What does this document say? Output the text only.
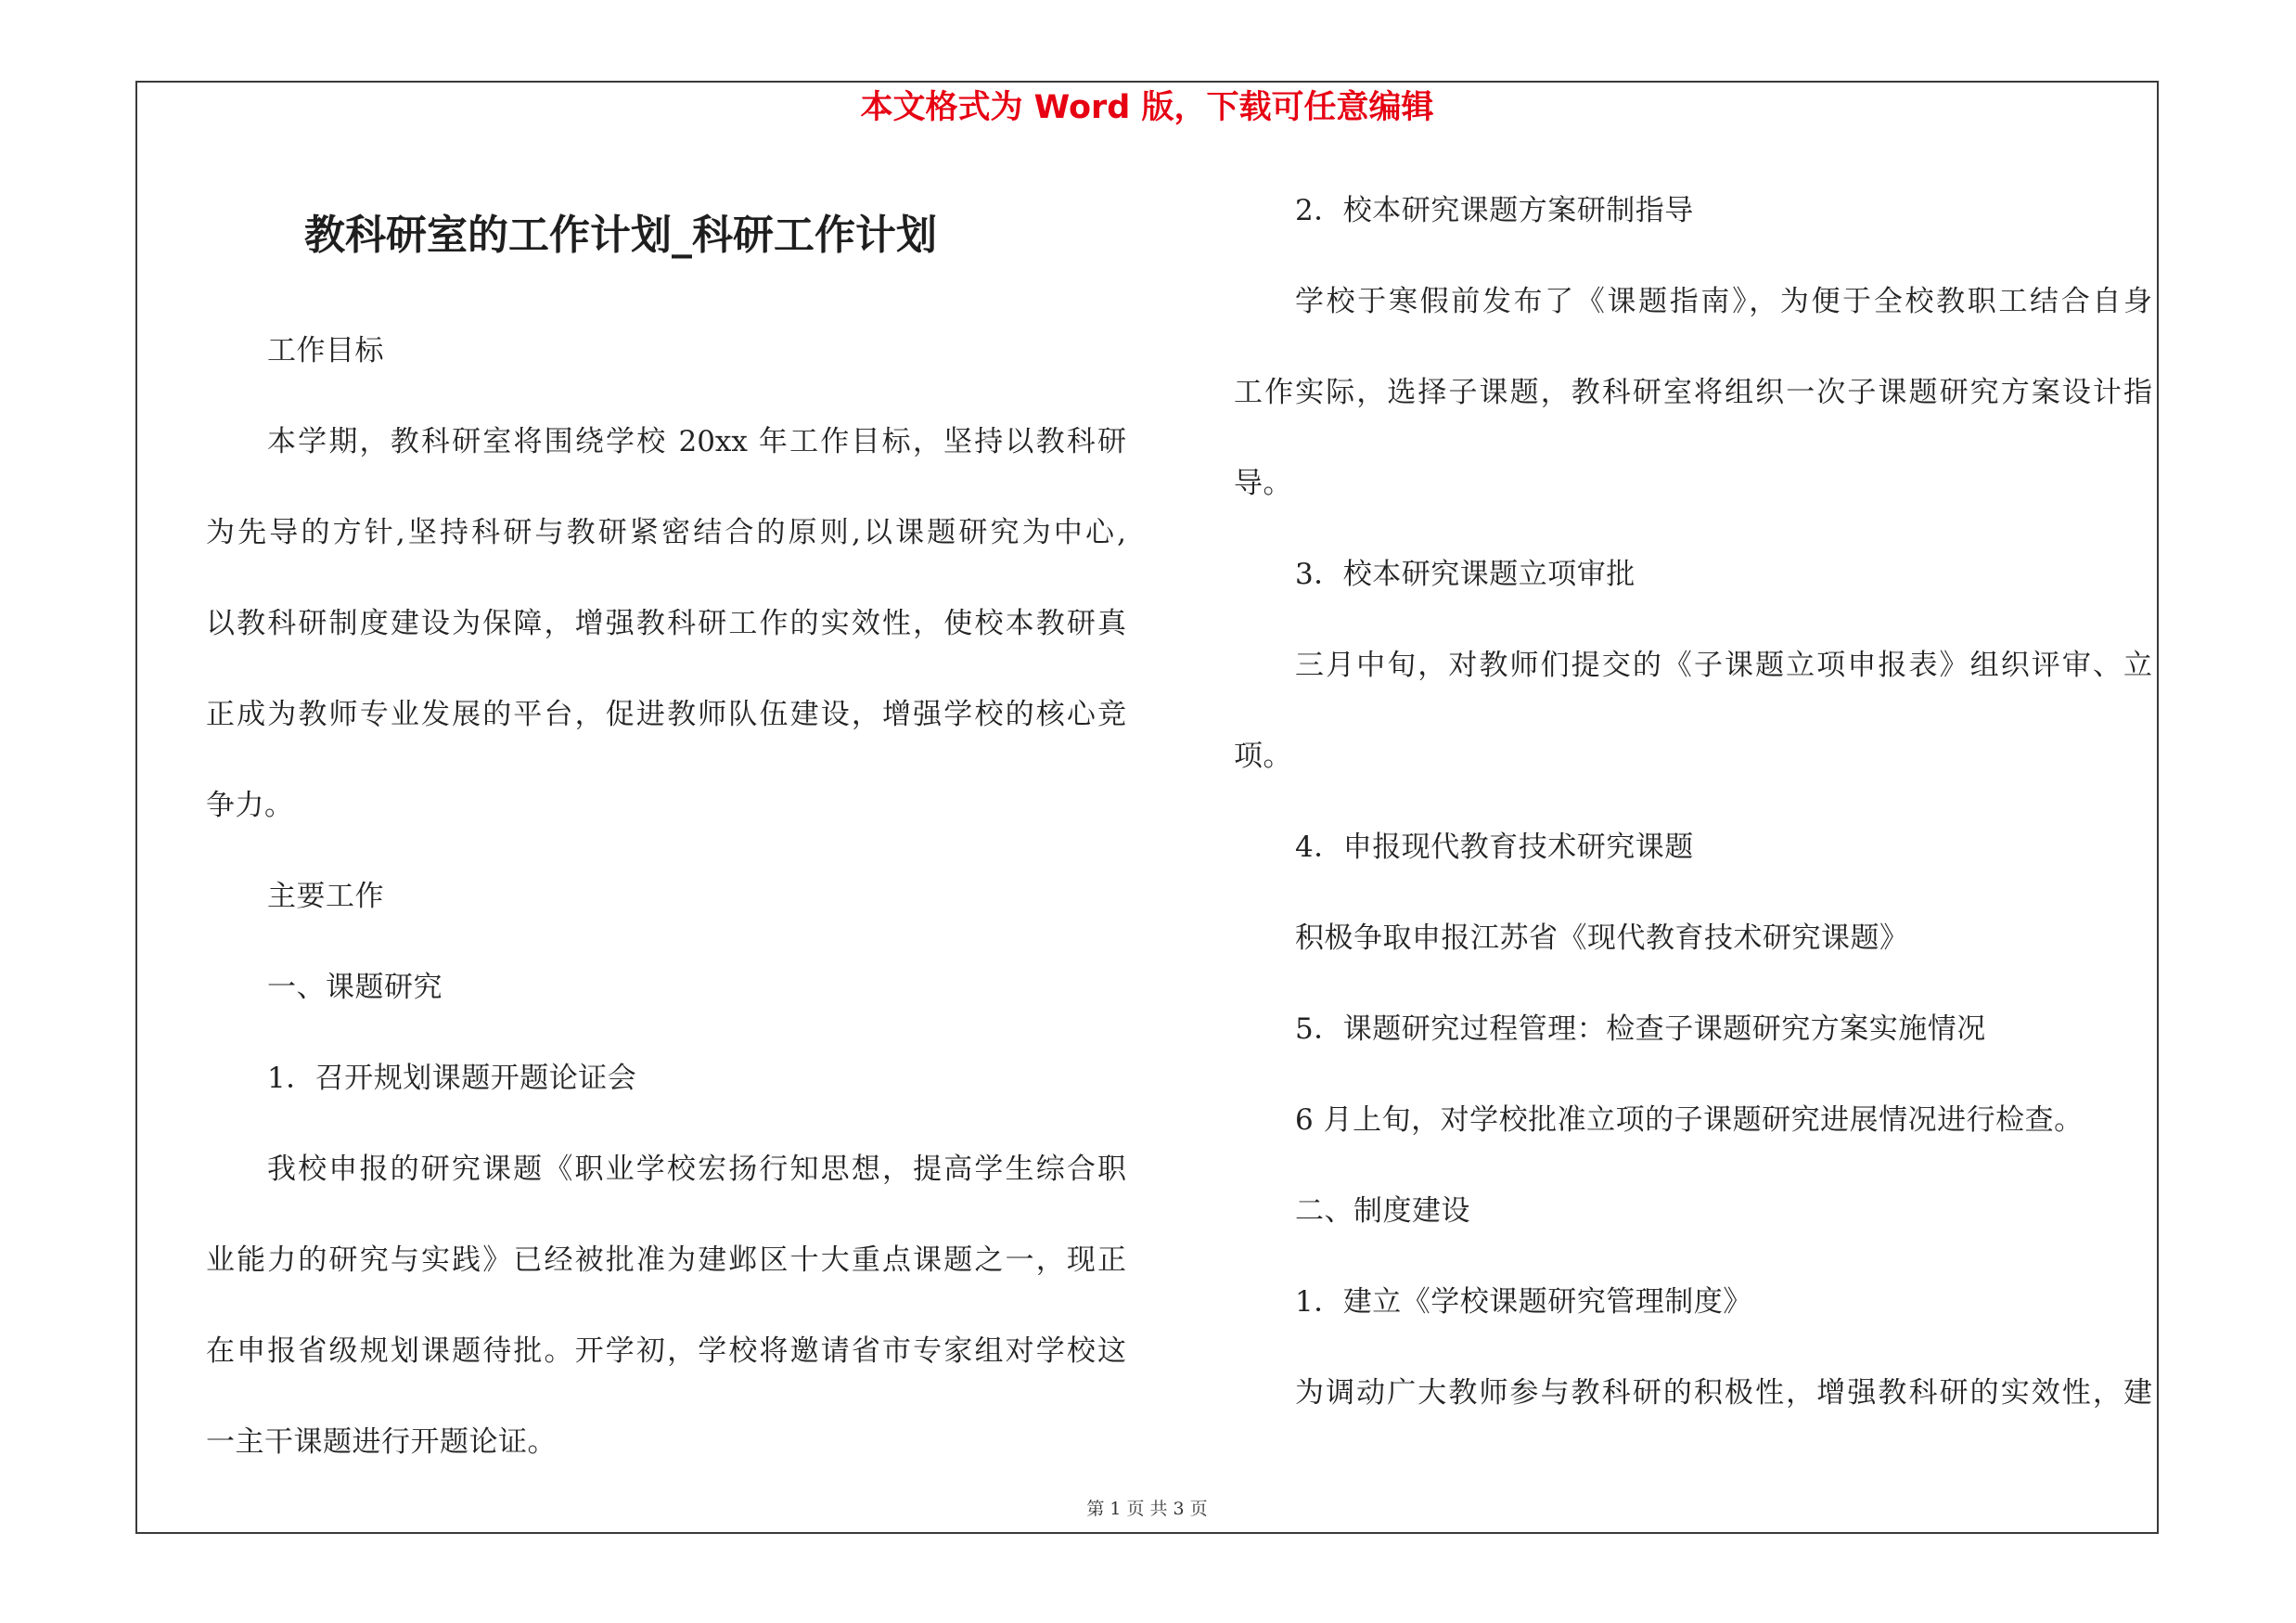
本文格式为 Word 版，下载可任意编辑
教科研室的工作计划_科研工作计划
工作目标
本学期，教科研室将围绕学校 20xx 年工作目标，坚持以教科研
为先导的方针,坚持科研与教研紧密结合的原则,以课题研究为中心,
以教科研制度建设为保障，增强教科研工作的实效性，使校本教研真
正成为教师专业发展的平台，促进教师队伍建设，增强学校的核心竞
争力。
主要工作
一、课题研究
1．召开规划课题开题论证会
我校申报的研究课题《职业学校宏扬行知思想，提高学生综合职
业能力的研究与实践》已经被批准为建邺区十大重点课题之一，现正
在申报省级规划课题待批。开学初，学校将邀请省市专家组对学校这
一主干课题进行开题论证。
2．校本研究课题方案研制指导
学校于寒假前发布了《课题指南》，为便于全校教职工结合自身
工作实际，选择子课题，教科研室将组织一次子课题研究方案设计指
导。
3．校本研究课题立项审批
三月中旬，对教师们提交的《子课题立项申报表》组织评审、立
项。
4．申报现代教育技术研究课题
积极争取申报江苏省《现代教育技术研究课题》
5．课题研究过程管理：检查子课题研究方案实施情况
6 月上旬，对学校批准立项的子课题研究进展情况进行检查。
二、制度建设
1．建立《学校课题研究管理制度》
为调动广大教师参与教科研的积极性，增强教科研的实效性，建
第 1 页 共 3 页
